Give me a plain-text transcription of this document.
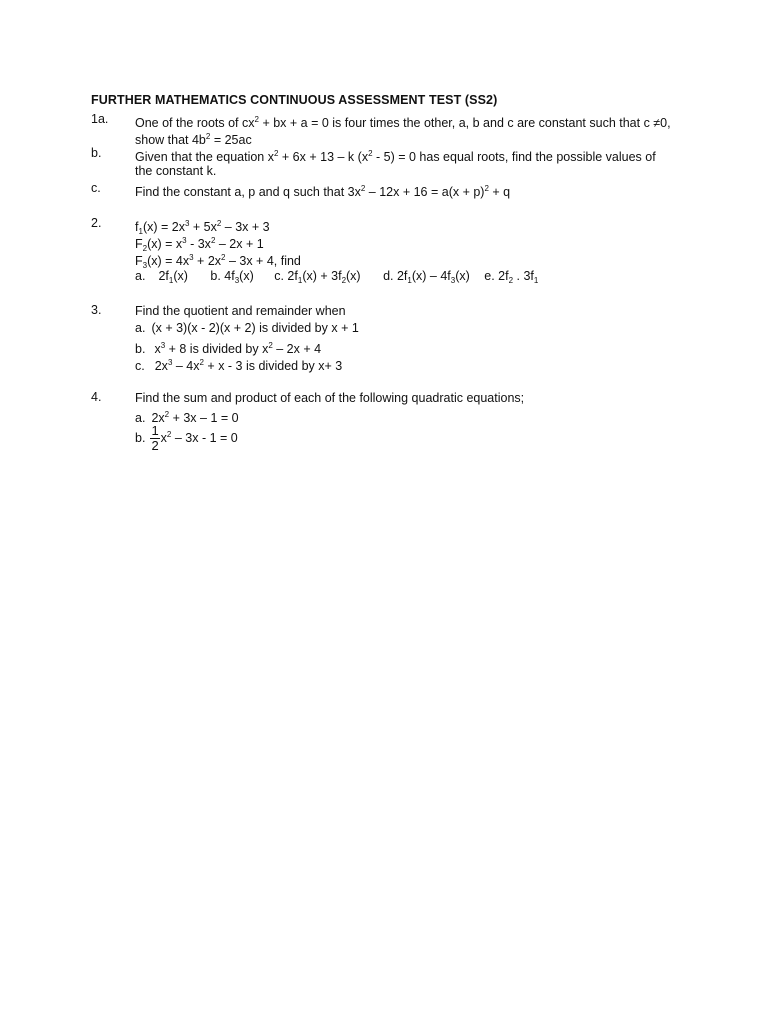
FURTHER MATHEMATICS CONTINUOUS ASSESSMENT TEST (SS2)
1a. One of the roots of $cx^2$ + bx + a = 0 is four times the other, a, b and c are constant such that c ≠0,
show that $4b^2 = 25ac$
b.	Given that the equation $x^2 + 6x + 13 - k$ $(x^2 - 5) = 0$ has equal roots, find the possible values of
the constant k.
c.	Find the constant a, p and q such that $3x^2 - 12x + 16 = a(x + p)^2 + q$
2.	$f_1(x) = 2x^3 + 5x^2 - 3x + 3$
$F_2(x) = x^3 - 3x^2 - 2x + 1$
$F_3(x) = 4x^3 + 2x^2 - 3x + 4$, find
a. $2f_1(x)$ b. $4f_3(x)$ c. $2f_1(x) + 3f_2(x)$ d. $2f_1(x) - 4f_3(x)$ e. $2f_2$ . $3f_1$
3.	Find the quotient and remainder when
a. (x + 3)(x - 2)(x + 2) is divided by x + 1
b. $x^3 + 8$ is divided by $x^2 - 2x + 4$
c. $2x^3 - 4x^2 + x - 3$ is divided by x+ 3
4.	Find the sum and product of each of the following quadratic equations;
a. $2x^2 + 3x - 1 = 0$
b. $\frac{1}{2} x^2 - 3x - 1 = 0$
